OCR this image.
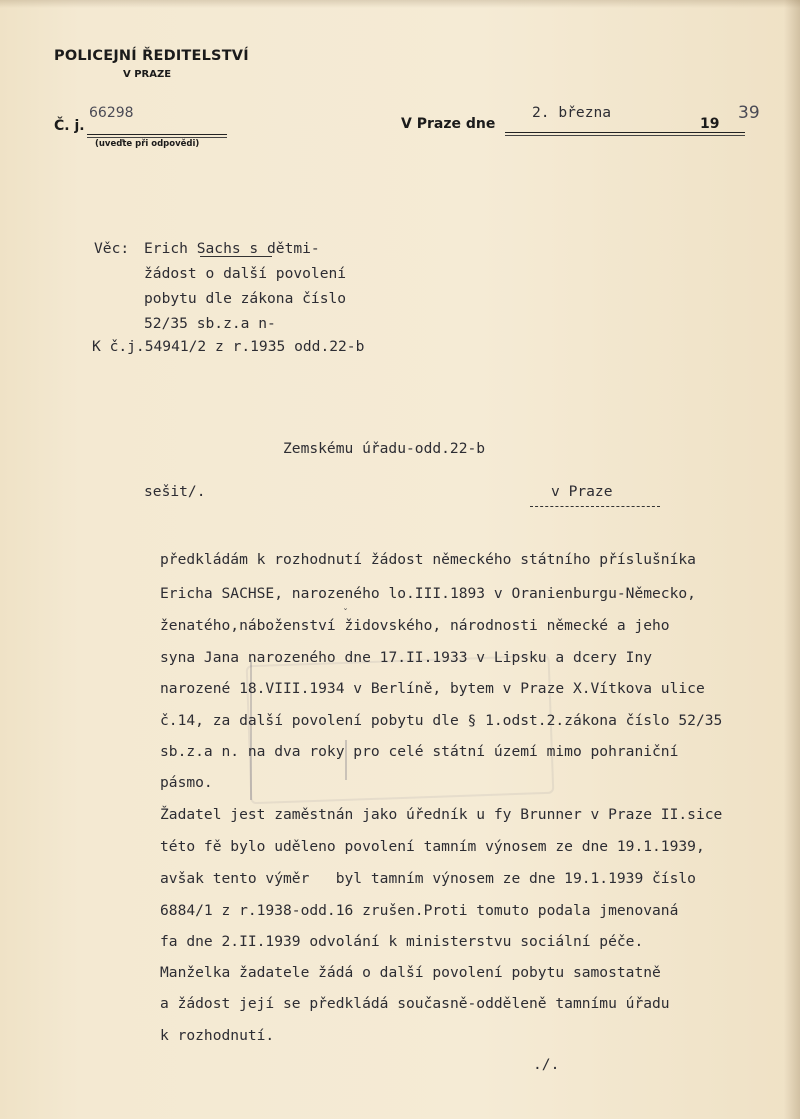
POLICEJNÍ ŘEDITELSTVÍ
V PRAZE
Č. j.
66298
(uveďte při odpovědi)
V Praze dne
2. března
19
39
Věc: Erich Sachs s dětmi-
žádost o další povolení
pobytu dle zákona číslo
52/35 sb.z.a n-
K č.j.54941/2 z r.1935 odd.22-b
Zemskému úřadu-odd.22-b
sešit/.	v Praze
ˇ
předkládám k rozhodnutí žádost německého státního příslušníka
Ericha SACHSE, narozeného lo.III.1893 v Oranienburgu-Německo,
ženatého,náboženství židovského, národnosti německé a jeho
syna Jana narozeného dne 17.II.1933 v Lipsku a dcery Iny
narozené 18.VIII.1934 v Berlíně, bytem v Praze X.Vítkova ulice
č.14, za další povolení pobytu dle § 1.odst.2.zákona číslo 52/35
sb.z.a n. na dva roky pro celé státní území mimo pohraniční
pásmo.
Žadatel jest zaměstnán jako úředník u fy Brunner v Praze II.sice
této fě bylo uděleno povolení tamním výnosem ze dne 19.1.1939,
avšak tento výměr   byl tamním výnosem ze dne 19.1.1939 číslo
6884/1 z r.1938-odd.16 zrušen.Proti tomuto podala jmenovaná
fa dne 2.II.1939 odvolání k ministerstvu sociální péče.
Manželka žadatele žádá o další povolení pobytu samostatně
a žádost její se předkládá současně-odděleně tamnímu úřadu
k rozhodnutí.
./.
